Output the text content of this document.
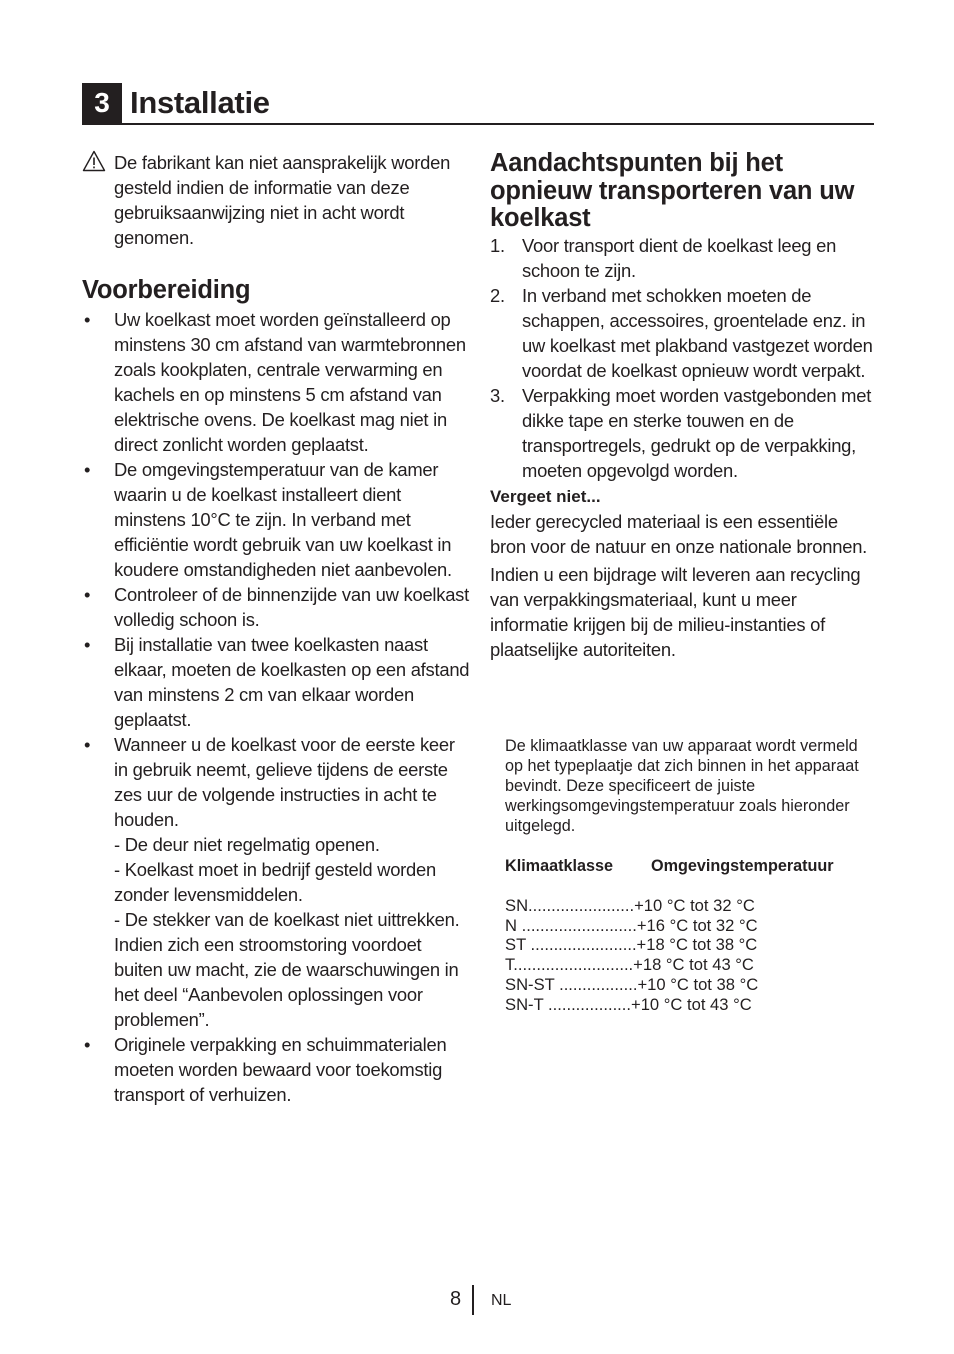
3 Installatie
De fabrikant kan niet aansprakelijk worden gesteld indien de informatie van deze gebruiksaanwijzing niet in acht wordt genomen.
Voorbereiding
• Uw koelkast moet worden geïnstalleerd op minstens 30 cm afstand van warmtebronnen zoals kookplaten, centrale verwarming en kachels en op minstens 5 cm afstand van elektrische ovens. De koelkast mag niet in direct zonlicht worden geplaatst.
• De omgevingstemperatuur van de kamer waarin u de koelkast installeert dient minstens 10°C te zijn. In verband met efficiëntie wordt gebruik van uw koelkast in koudere omstandigheden niet aanbevolen.
• Controleer of de binnenzijde van uw koelkast volledig schoon is.
• Bij installatie van twee koelkasten naast elkaar, moeten de koelkasten op een afstand van minstens 2 cm van elkaar worden geplaatst.
• Wanneer u de koelkast voor de eerste keer in gebruik neemt, gelieve tijdens de eerste zes uur de volgende instructies in acht te houden.
- De deur niet regelmatig openen.
- Koelkast moet in bedrijf gesteld worden zonder levensmiddelen.
- De stekker van de koelkast niet uittrekken. Indien zich een stroomstoring voordoet buiten uw macht, zie de waarschuwingen in het deel “Aanbevolen oplossingen voor problemen”.
• Originele verpakking en schuimmaterialen moeten worden bewaard voor toekomstig transport of verhuizen.
Aandachtspunten bij het opnieuw transporteren van uw koelkast
1. Voor transport dient de koelkast leeg en schoon te zijn.
2. In verband met schokken moeten de schappen, accessoires, groentelade enz. in uw koelkast met plakband vastgezet worden voordat de koelkast opnieuw wordt verpakt.
3. Verpakking moet worden vastgebonden met dikke tape en sterke touwen en de transportregels, gedrukt op de verpakking, moeten opgevolgd worden.
Vergeet niet...
Ieder gerecycled materiaal is een essentiële bron voor de natuur en onze nationale bronnen.
Indien u een bijdrage wilt leveren aan recycling van verpakkingsmateriaal, kunt u meer informatie krijgen bij de milieu-instanties of plaatselijke autoriteiten.
De klimaatklasse van uw apparaat wordt vermeld op het typeplaatje dat zich binnen in het apparaat bevindt. Deze specificeert de juiste werkingsomgevingstemperatuur zoals hieronder uitgelegd.
Klimaatklasse Omgevingstemperatuur
SN.......................+10 °C tot 32 °C
N .........................+16 °C tot 32 °C
ST .......................+18 °C tot 38 °C
T..........................+18 °C tot 43 °C
SN-ST .................+10 °C tot 38 °C
SN-T ..................+10 °C tot 43 °C
8 NL
